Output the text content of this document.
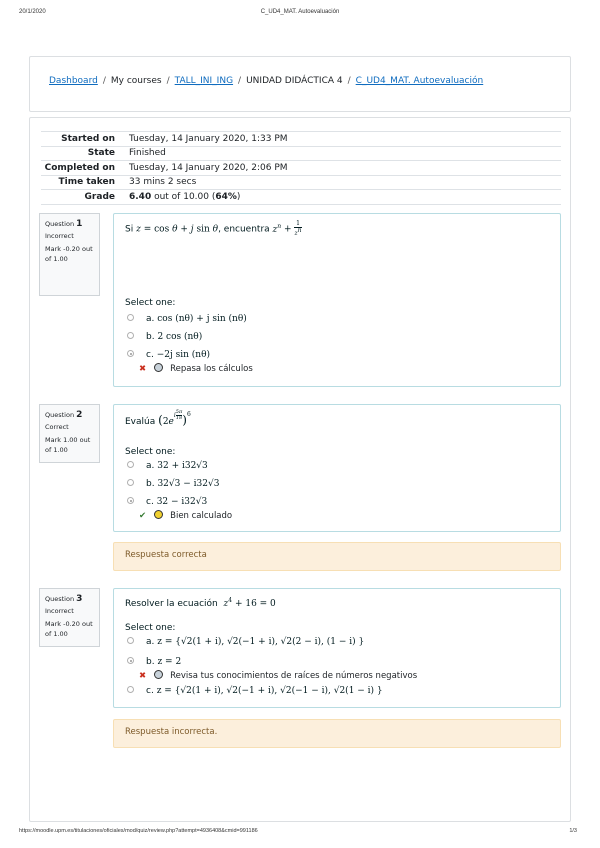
20/1/2020	C_UD4_MAT. Autoevaluación
Dashboard / My courses / TALL_INI_ING / UNIDAD DIDÁCTICA 4 / C_UD4_MAT. Autoevaluación
Started on	Tuesday, 14 January 2020, 1:33 PM
State	Finished
Completed on	Tuesday, 14 January 2020, 2:06 PM
Time taken	33 mins 2 secs
Grade	6.40 out of 10.00 (64%)
Question 1
Incorrect
Mark -0.20 out of 1.00
Si z = cos θ + j sin θ, encuentra $z^n + \frac{1}{z^n}$
Select one:
a. cos (nθ) + j sin (nθ)
b. 2 cos (nθ)
c. −2j sin (nθ)
✖	Repasa los cálculos
Question 2
Correct
Mark 1.00 out of 1.00
Evalúa ($2e^{i \frac{5\pi}{18}}$ )$^6$
Select one:
a. 32 + i32√3
b. 32√3 − i32√3
c. 32 − i32√3
✔	Bien calculado
Respuesta correcta
Question 3
Incorrect
Mark -0.20 out of 1.00
Resolver la ecuación $z^4 + 16 = 0$
Select one:
a. z = {√2(1 + i), √2(−1 + i), √2(2 − i), (1 − i) }
b. z = 2
✖	Revisa tus conocimientos de raíces de números negativos
c. z = {√2(1 + i), √2(−1 + i), √2(−1 − i), √2(1 − i) }
Respuesta incorrecta.
https://moodle.upm.es/titulaciones/oficiales/mod/quiz/review.php?attempt=4936408&cmid=991186	1/3
